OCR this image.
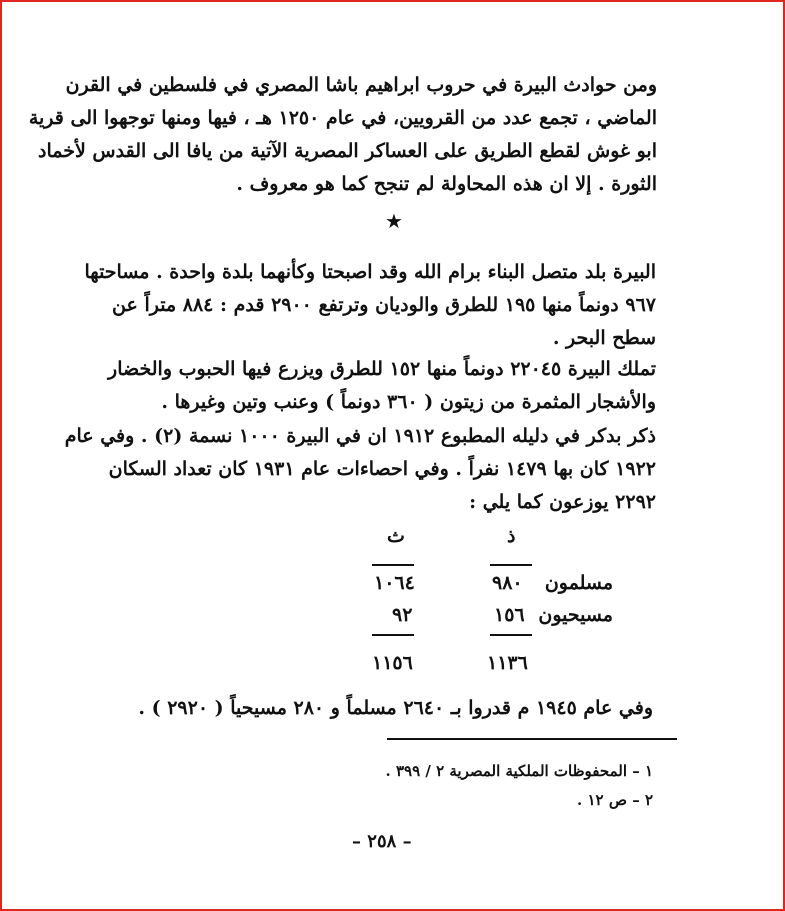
ومن حوادث البيرة في حروب ابراهيم باشا المصري في فلسطين في القرن
الماضي ، تجمع عدد من القرويين، في عام ١٢٥٠ هـ ، فيها ومنها توجهوا الى قرية
ابو غوش لقطع الطريق على العساكر المصرية الآتية من يافا الى القدس لأخماد
الثورة . إلا ان هذه المحاولة لم تنجح كما هو معروف .
★
البيرة بلد متصل البناء برام الله وقد اصبحتا وكأنهما بلدة واحدة . مساحتها
٩٦٧ دونماً منها ١٩٥ للطرق والوديان وترتفع ٢٩٠٠ قدم : ٨٨٤ متراً عن
سطح البحر .
تملك البيرة ٢٢٠٤٥ دونماً منها ١٥٢ للطرق ويزرع فيها الحبوب والخضار
والأشجار المثمرة من زيتون ( ٣٦٠ دونماً ) وعنب وتين وغيرها .
ذكر بدكر في دليله المطبوع ١٩١٢ ان في البيرة ١٠٠٠ نسمة (٢) . وفي عام
١٩٢٢ كان بها ١٤٧٩ نفراً . وفي احصاءات عام ١٩٣١ كان تعداد السكان
٢٢٩٢ يوزعون كما يلي :
ذ
ث
مسلمون
٩٨٠
١٠٦٤
مسيحيون
١٥٦
٩٢
١١٣٦
١١٥٦
وفي عام ١٩٤٥ م قدروا بـ ٢٦٤٠ مسلماً و ٢٨٠ مسيحياً ( ٢٩٢٠ ) .
١ – المحفوظات الملكية المصرية ٢ / ٣٩٩ .
٢ – ص ١٢ .
– ٢٥٨ –
